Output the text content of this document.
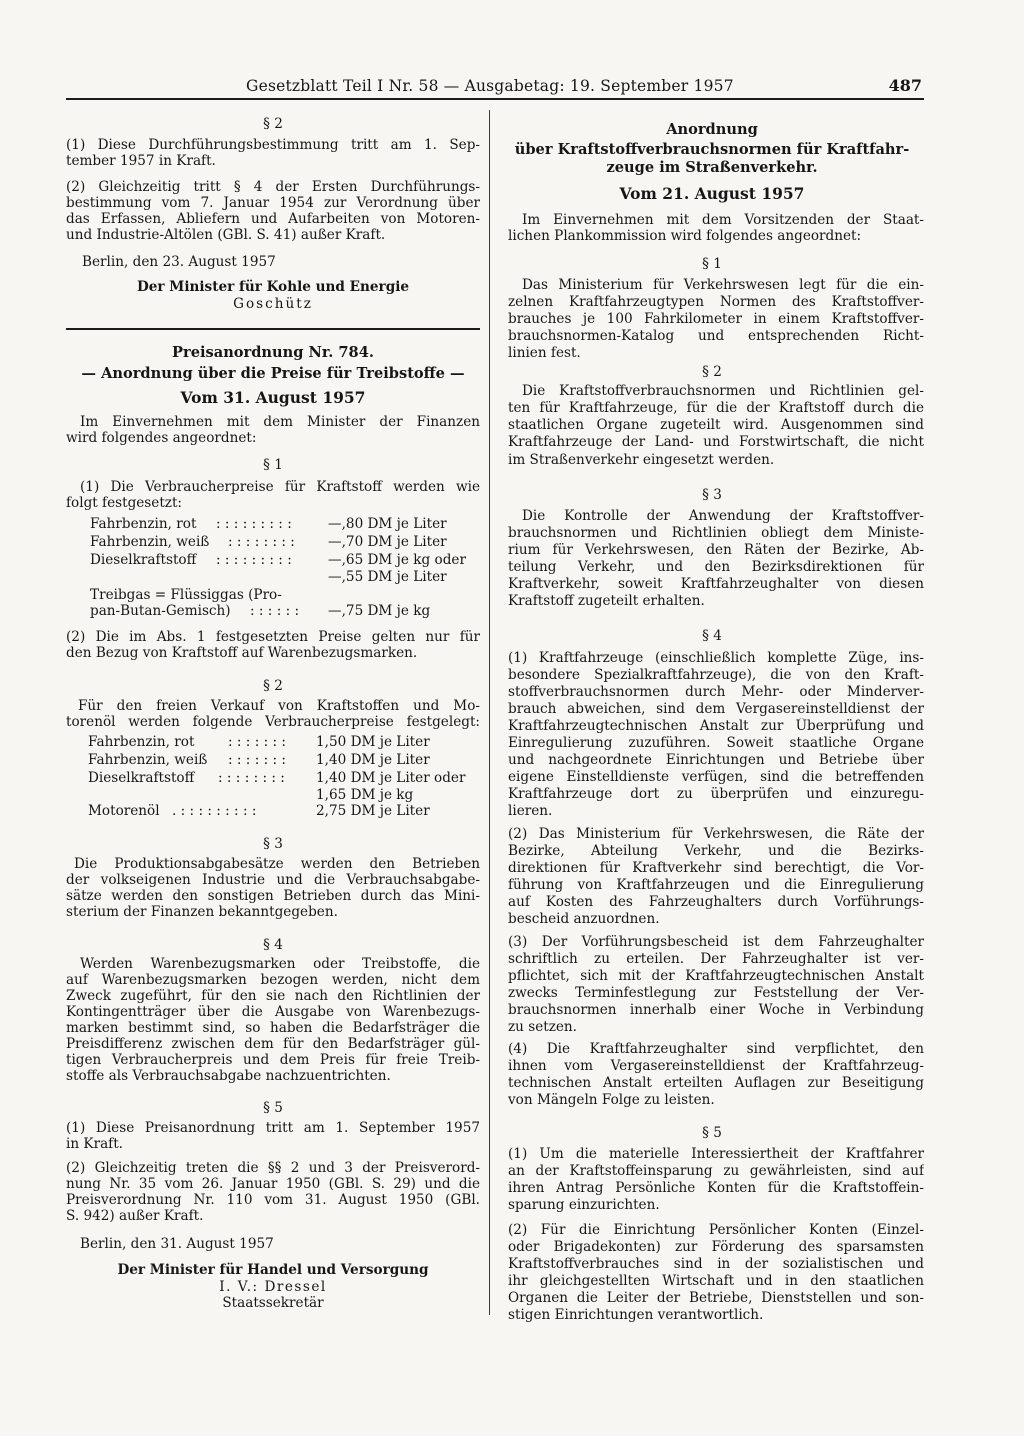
Gesetzblatt Teil I Nr. 58 — Ausgabetag: 19. September 1957	487
§ 2
(1) Diese Durchführungsbestimmung tritt am 1. Sep-
tember 1957 in Kraft.
(2) Gleichzeitig tritt § 4 der Ersten Durchführungs-
bestimmung vom 7. Januar 1954 zur Verordnung über
das Erfassen, Abliefern und Aufarbeiten von Motoren-
und Industrie-Altölen (GBl. S. 41) außer Kraft.
Berlin, den 23. August 1957
Der Minister für Kohle und Energie
Goschütz
Preisanordnung Nr. 784.
— Anordnung über die Preise für Treibstoffe —
Vom 31. August 1957
Im Einvernehmen mit dem Minister der Finanzen
wird folgendes angeordnet:
§ 1
(1) Die Verbraucherpreise für Kraftstoff werden wie
folgt festgesetzt:
Fahrbenzin, rot : : : : : : : : :	—,80 DM je Liter
Fahrbenzin, weiß : : : : : : : : —,70 DM je Liter
Dieselkraftstoff : : : : : : : : :	—,65 DM je kg oder
—,55 DM je Liter
Treibgas = Flüssiggas (Pro-
pan-Butan-Gemisch) : : : : : : —,75 DM je kg
(2) Die im Abs. 1 festgesetzten Preise gelten nur für
den Bezug von Kraftstoff auf Warenbezugsmarken.
§ 2
Für den freien Verkauf von Kraftstoffen und Mo-
torenöl werden folgende Verbraucherpreise festgelegt:
Fahrbenzin, rot : : : : : : : 1,50 DM je Liter
Fahrbenzin, weiß : : : : : : : 1,40 DM je Liter
Dieselkraftstoff : : : : : : : : 1,40 DM je Liter oder
1,65 DM je kg
Motorenöl . : : : : : : : : :	2,75 DM je Liter
§ 3
Die Produktionsabgabesätze werden den Betrieben
der volkseigenen Industrie und die Verbrauchsabgabe-
sätze werden den sonstigen Betrieben durch das Mini-
sterium der Finanzen bekanntgegeben.
§ 4
Werden Warenbezugsmarken oder Treibstoffe, die
auf Warenbezugsmarken bezogen werden, nicht dem
Zweck zugeführt, für den sie nach den Richtlinien der
Kontingentträger über die Ausgabe von Warenbezugs-
marken bestimmt sind, so haben die Bedarfsträger die
Preisdifferenz zwischen dem für den Bedarfsträger gül-
tigen Verbraucherpreis und dem Preis für freie Treib-
stoffe als Verbrauchsabgabe nachzuentrichten.
§ 5
(1) Diese Preisanordnung tritt am 1. September 1957
in Kraft.
(2) Gleichzeitig treten die §§ 2 und 3 der Preisverord-
nung Nr. 35 vom 26. Januar 1950 (GBl. S. 29) und die
Preisverordnung Nr. 110 vom 31. August 1950 (GBl.
S. 942) außer Kraft.
Berlin, den 31. August 1957
Der Minister für Handel und Versorgung
I. V.: Dressel
Staatssekretär
Anordnung
über Kraftstoffverbrauchsnormen für Kraftfahr-
zeuge im Straßenverkehr.
Vom 21. August 1957
Im Einvernehmen mit dem Vorsitzenden der Staat-
lichen Plankommission wird folgendes angeordnet:
§ 1
Das Ministerium für Verkehrswesen legt für die ein-
zelnen Kraftfahrzeugtypen Normen des Kraftstoffver-
brauches je 100 Fahrkilometer in einem Kraftstoffver-
brauchsnormen-Katalog und entsprechenden Richt-
linien fest.
§ 2
Die Kraftstoffverbrauchsnormen und Richtlinien gel-
ten für Kraftfahrzeuge, für die der Kraftstoff durch die
staatlichen Organe zugeteilt wird. Ausgenommen sind
Kraftfahrzeuge der Land- und Forstwirtschaft, die nicht
im Straßenverkehr eingesetzt werden.
§ 3
Die Kontrolle der Anwendung der Kraftstoffver-
brauchsnormen und Richtlinien obliegt dem Ministe-
rium für Verkehrswesen, den Räten der Bezirke, Ab-
teilung Verkehr, und den Bezirksdirektionen für
Kraftverkehr, soweit Kraftfahrzeughalter von diesen
Kraftstoff zugeteilt erhalten.
§ 4
(1) Kraftfahrzeuge (einschließlich komplette Züge, ins-
besondere Spezialkraftfahrzeuge), die von den Kraft-
stoffverbrauchsnormen durch Mehr- oder Minderver-
brauch abweichen, sind dem Vergasereinstelldienst der
Kraftfahrzeugtechnischen Anstalt zur Überprüfung und
Einregulierung zuzuführen. Soweit staatliche Organe
und nachgeordnete Einrichtungen und Betriebe über
eigene Einstelldienste verfügen, sind die betreffenden
Kraftfahrzeuge dort zu überprüfen und einzuregu-
lieren.
(2) Das Ministerium für Verkehrswesen, die Räte der
Bezirke, Abteilung Verkehr, und die Bezirks-
direktionen für Kraftverkehr sind berechtigt, die Vor-
führung von Kraftfahrzeugen und die Einregulierung
auf Kosten des Fahrzeughalters durch Vorführungs-
bescheid anzuordnen.
(3) Der Vorführungsbescheid ist dem Fahrzeughalter
schriftlich zu erteilen. Der Fahrzeughalter ist ver-
pflichtet, sich mit der Kraftfahrzeugtechnischen Anstalt
zwecks Terminfestlegung zur Feststellung der Ver-
brauchsnormen innerhalb einer Woche in Verbindung
zu setzen.
(4) Die Kraftfahrzeughalter sind verpflichtet, den
ihnen vom Vergasereinstelldienst der Kraftfahrzeug-
technischen Anstalt erteilten Auflagen zur Beseitigung
von Mängeln Folge zu leisten.
§ 5
(1) Um die materielle Interessiertheit der Kraftfahrer
an der Kraftstoffeinsparung zu gewährleisten, sind auf
ihren Antrag Persönliche Konten für die Kraftstoffein-
sparung einzurichten.
(2) Für die Einrichtung Persönlicher Konten (Einzel-
oder Brigadekonten) zur Förderung des sparsamsten
Kraftstoffverbrauches sind in der sozialistischen und
ihr gleichgestellten Wirtschaft und in den staatlichen
Organen die Leiter der Betriebe, Dienststellen und son-
stigen Einrichtungen verantwortlich.
